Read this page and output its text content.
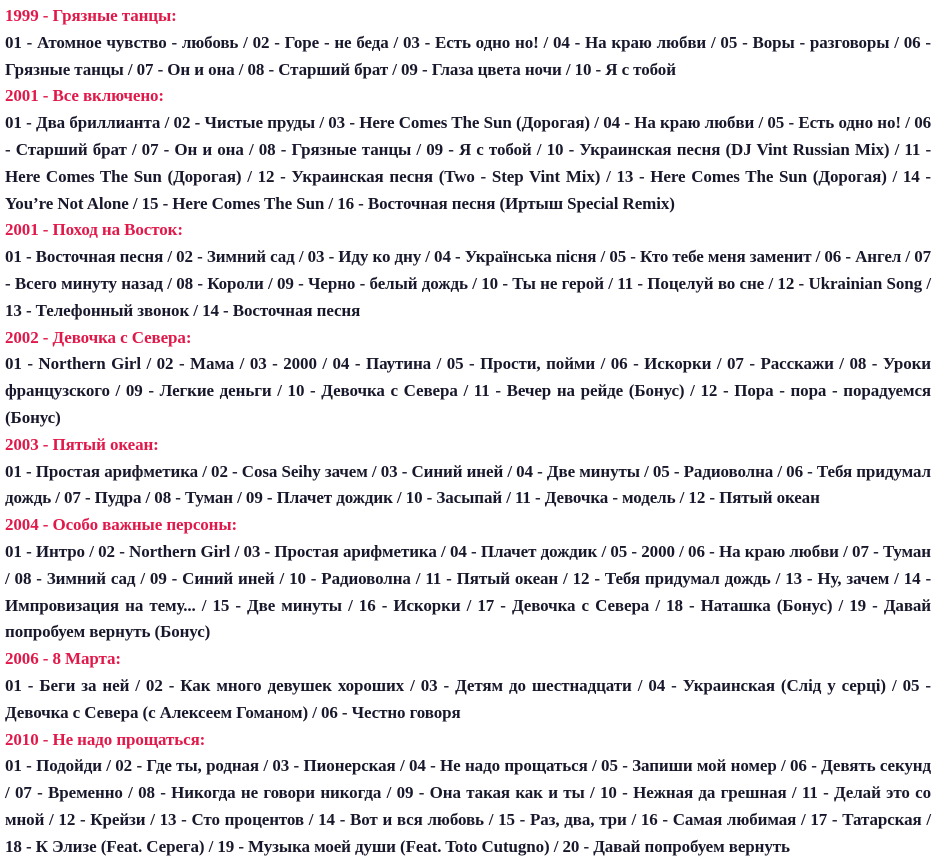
1999 - Грязные танцы:

01 - Атомное чувство - любовь / 02 - Горе - не беда / 03 - Есть одно но! / 04 - На краю любви / 05 - Воры - разговоры / 06 - Грязные танцы / 07 - Он и она / 08 - Старший брат / 09 - Глаза цвета ночи / 10 - Я с тобой

2001 - Все включено:

01 - Два бриллианта / 02 - Чистые пруды / 03 - Here Comes The Sun (Дорогая) / 04 - На краю любви / 05 - Есть одно но! / 06 - Старший брат / 07 - Он и она / 08 - Грязные танцы / 09 - Я с тобой / 10 - Украинская песня (DJ Vint Russian Mix) / 11 - Here Comes The Sun (Дорогая) / 12 - Украинская песня (Two - Step Vint Mix) / 13 - Here Comes The Sun (Дорогая) / 14 - You’re Not Alone / 15 - Here Comes The Sun / 16 - Восточная песня (Иртыш Special Remix)

2001 - Поход на Восток:

01 - Восточная песня / 02 - Зимний сад / 03 - Иду ко дну / 04 - Українська пісня / 05 - Кто тебе меня заменит / 06 - Ангел / 07 - Всего минуту назад / 08 - Короли / 09 - Черно - белый дождь / 10 - Ты не герой / 11 - Поцелуй во сне / 12 - Ukrainian Song / 13 - Телефонный звонок / 14 - Восточная песня

2002 - Девочка с Севера:

01 - Northern Girl / 02 - Мама / 03 - 2000 / 04 - Паутина / 05 - Прости, пойми / 06 - Искорки / 07 - Расскажи / 08 - Уроки французского / 09 - Легкие деньги / 10 - Девочка с Севера / 11 - Вечер на рейде (Бонус) / 12 - Пора - пора - порадуемся (Бонус)

2003 - Пятый океан:

01 - Простая арифметика / 02 - Cosa Seihy зачем / 03 - Синий иней / 04 - Две минуты / 05 - Радиоволна / 06 - Тебя придумал дождь / 07 - Пудра / 08 - Туман / 09 - Плачет дождик / 10 - Засыпай / 11 - Девочка - модель / 12 - Пятый океан

2004 - Особо важные персоны:

01 - Интро / 02 - Northern Girl / 03 - Простая арифметика / 04 - Плачет дождик / 05 - 2000 / 06 - На краю любви / 07 - Туман / 08 - Зимний сад / 09 - Синий иней / 10 - Радиоволна / 11 - Пятый океан / 12 - Тебя придумал дождь / 13 - Ну, зачем / 14 - Импровизация на тему... / 15 - Две минуты / 16 - Искорки / 17 - Девочка с Севера / 18 - Наташка (Бонус) / 19 - Давай попробуем вернуть (Бонус)

2006 - 8 Марта:

01 - Беги за ней / 02 - Как много девушек хороших / 03 - Детям до шестнадцати / 04 - Украинская (Слід у серці) / 05 - Девочка с Севера (с Алексеем Гоманом) / 06 - Честно говоря

2010 - Не надо прощаться:

01 - Подойди / 02 - Где ты, родная / 03 - Пионерская / 04 - Не надо прощаться / 05 - Запиши мой номер / 06 - Девять секунд / 07 - Временно / 08 - Никогда не говори никогда / 09 - Она такая как и ты / 10 - Нежная да грешная / 11 - Делай это со мной / 12 - Крейзи / 13 - Сто процентов / 14 - Вот и вся любовь / 15 - Раз, два, три / 16 - Самая любимая / 17 - Татарская / 18 - К Элизе (Feat. Серега) / 19 - Музыка моей души (Feat. Toto Cutugno) / 20 - Давай попробуем вернуть
